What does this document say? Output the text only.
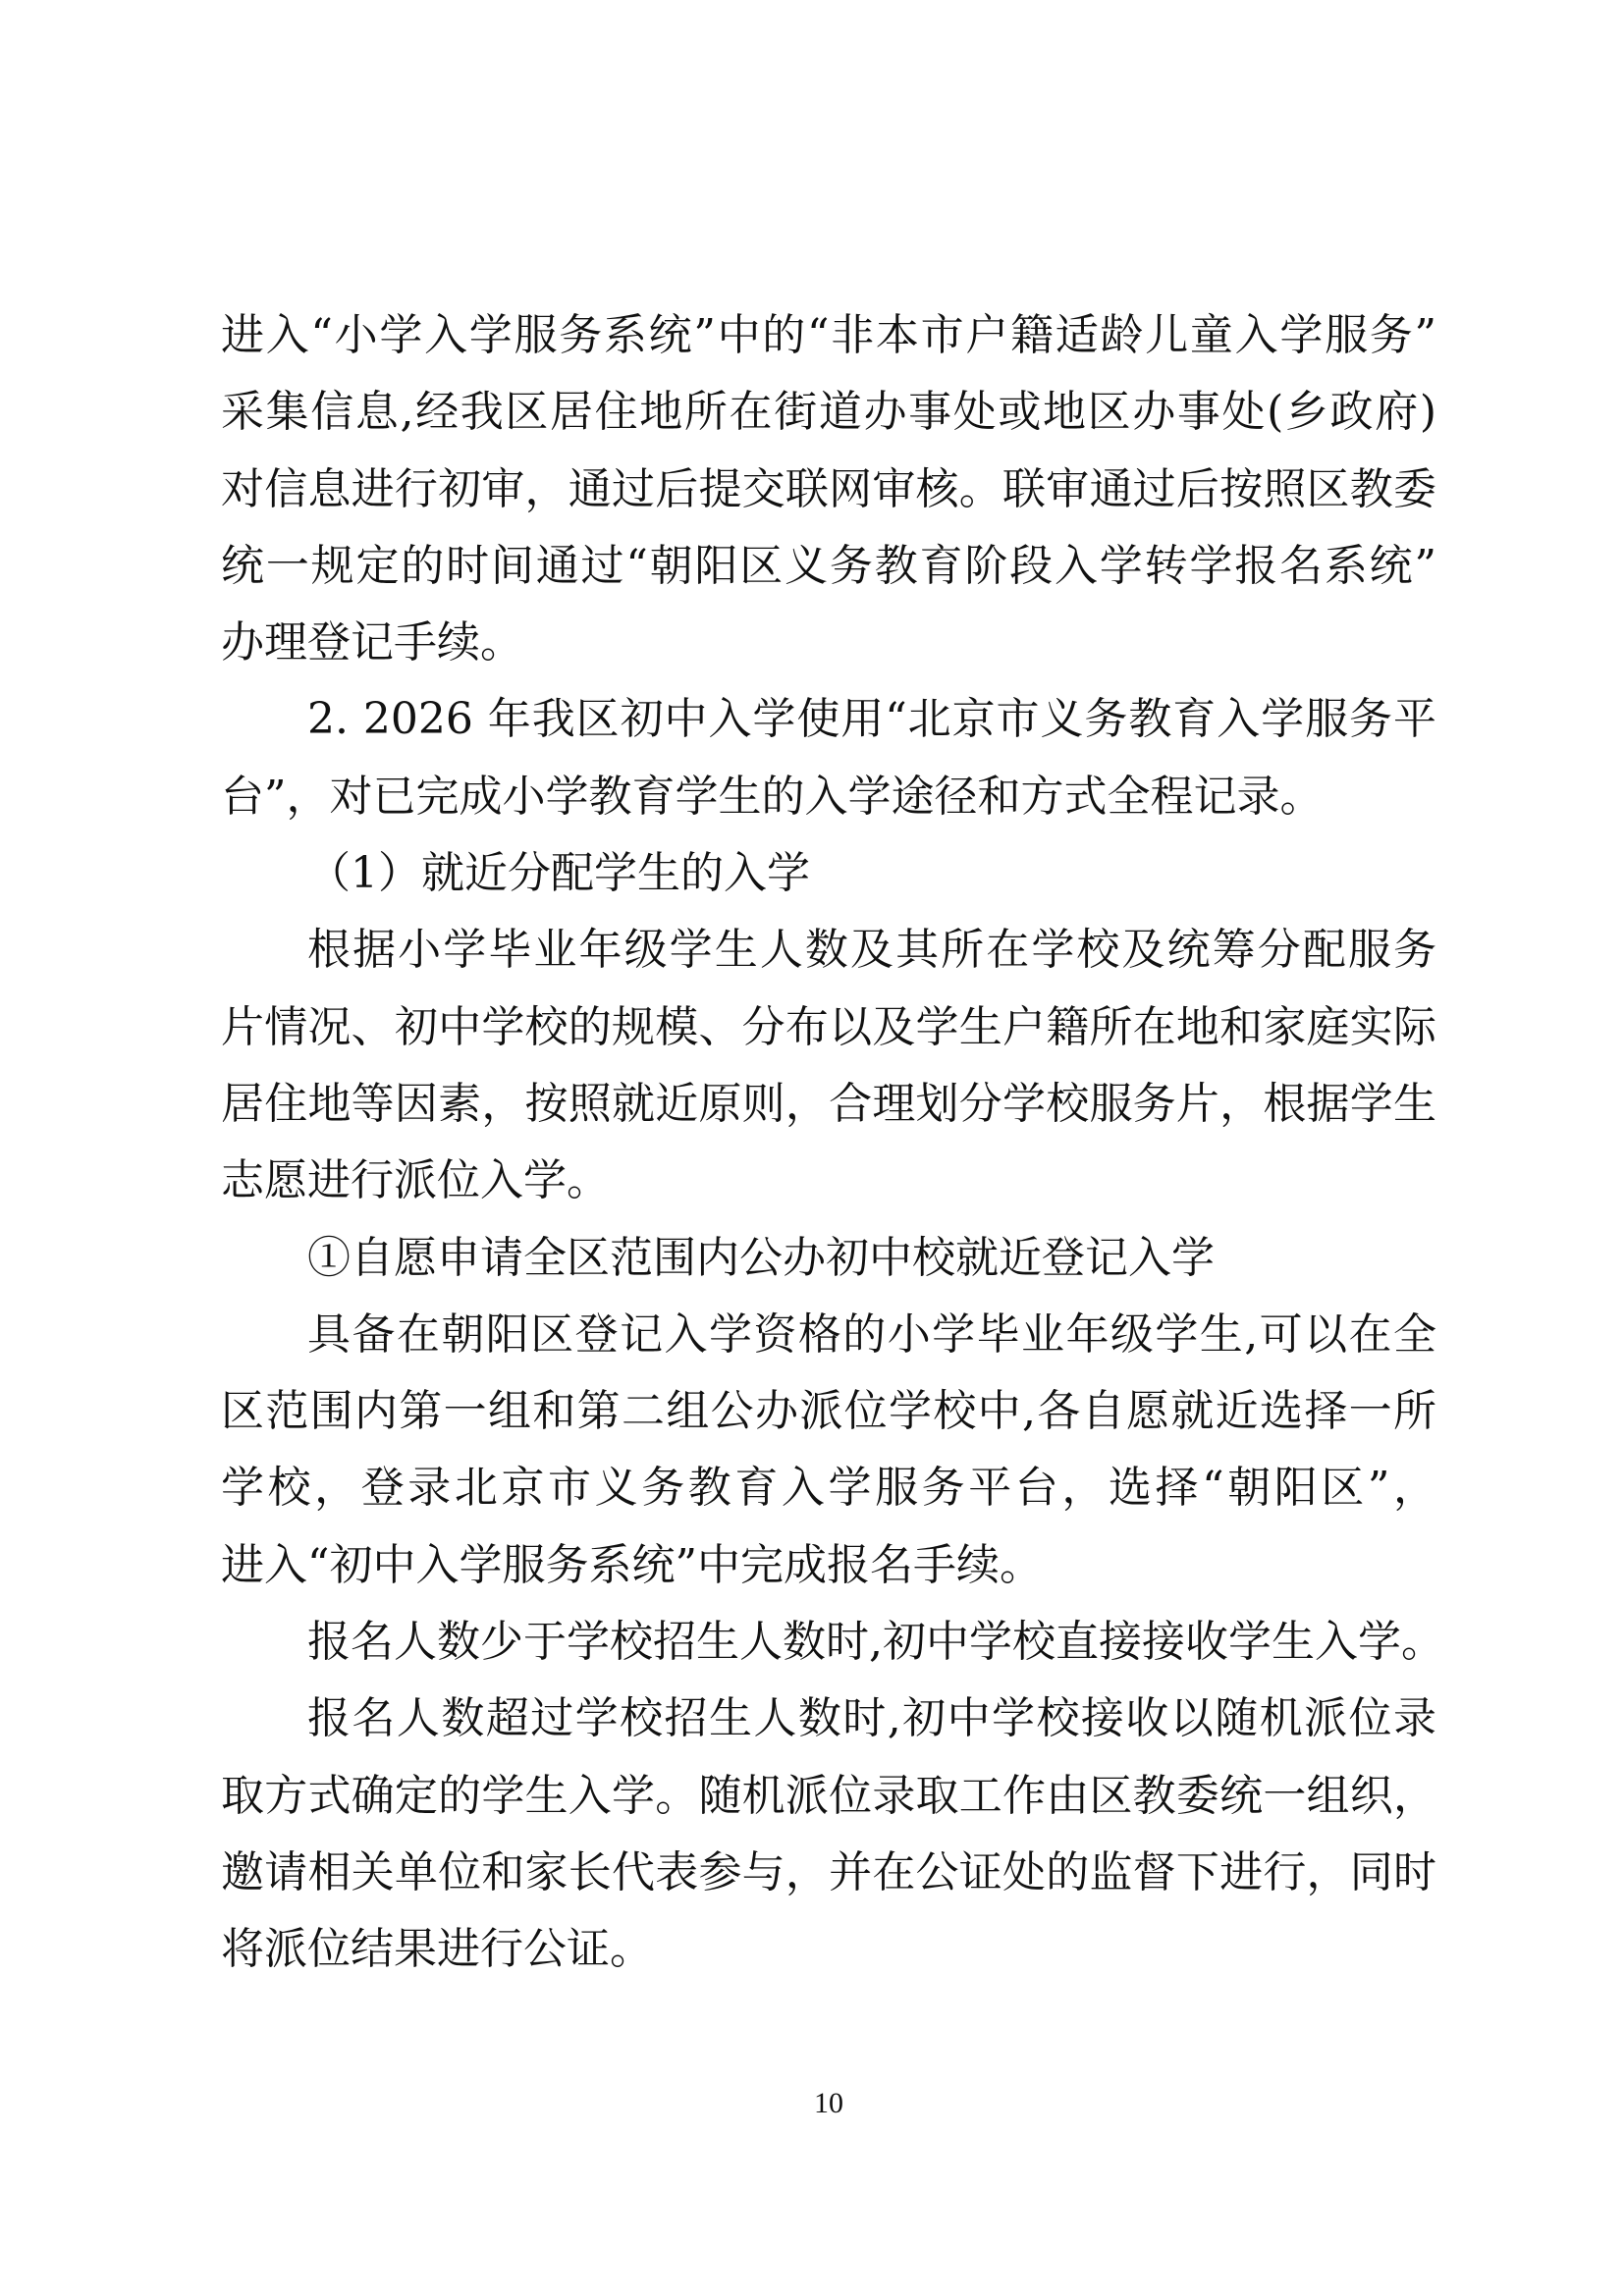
进入“小学入学服务系统”中的“非本市户籍适龄儿童入学服务”
采集信息,经我区居住地所在街道办事处或地区办事处(乡政府)
对信息进行初审，通过后提交联网审核。联审通过后按照区教委
统一规定的时间通过“朝阳区义务教育阶段入学转学报名系统”
办理登记手续。
2. 2026 年我区初中入学使用“北京市义务教育入学服务平
台”，对已完成小学教育学生的入学途径和方式全程记录。
（1）就近分配学生的入学
根据小学毕业年级学生人数及其所在学校及统筹分配服务
片情况、初中学校的规模、分布以及学生户籍所在地和家庭实际
居住地等因素，按照就近原则，合理划分学校服务片，根据学生
志愿进行派位入学。
①自愿申请全区范围内公办初中校就近登记入学
具备在朝阳区登记入学资格的小学毕业年级学生,可以在全
区范围内第一组和第二组公办派位学校中,各自愿就近选择一所
学校，登录北京市义务教育入学服务平台，选择“朝阳区”，
进入“初中入学服务系统”中完成报名手续。
报名人数少于学校招生人数时,初中学校直接接收学生入学。
报名人数超过学校招生人数时,初中学校接收以随机派位录
取方式确定的学生入学。随机派位录取工作由区教委统一组织，
邀请相关单位和家长代表参与，并在公证处的监督下进行，同时
将派位结果进行公证。
10
